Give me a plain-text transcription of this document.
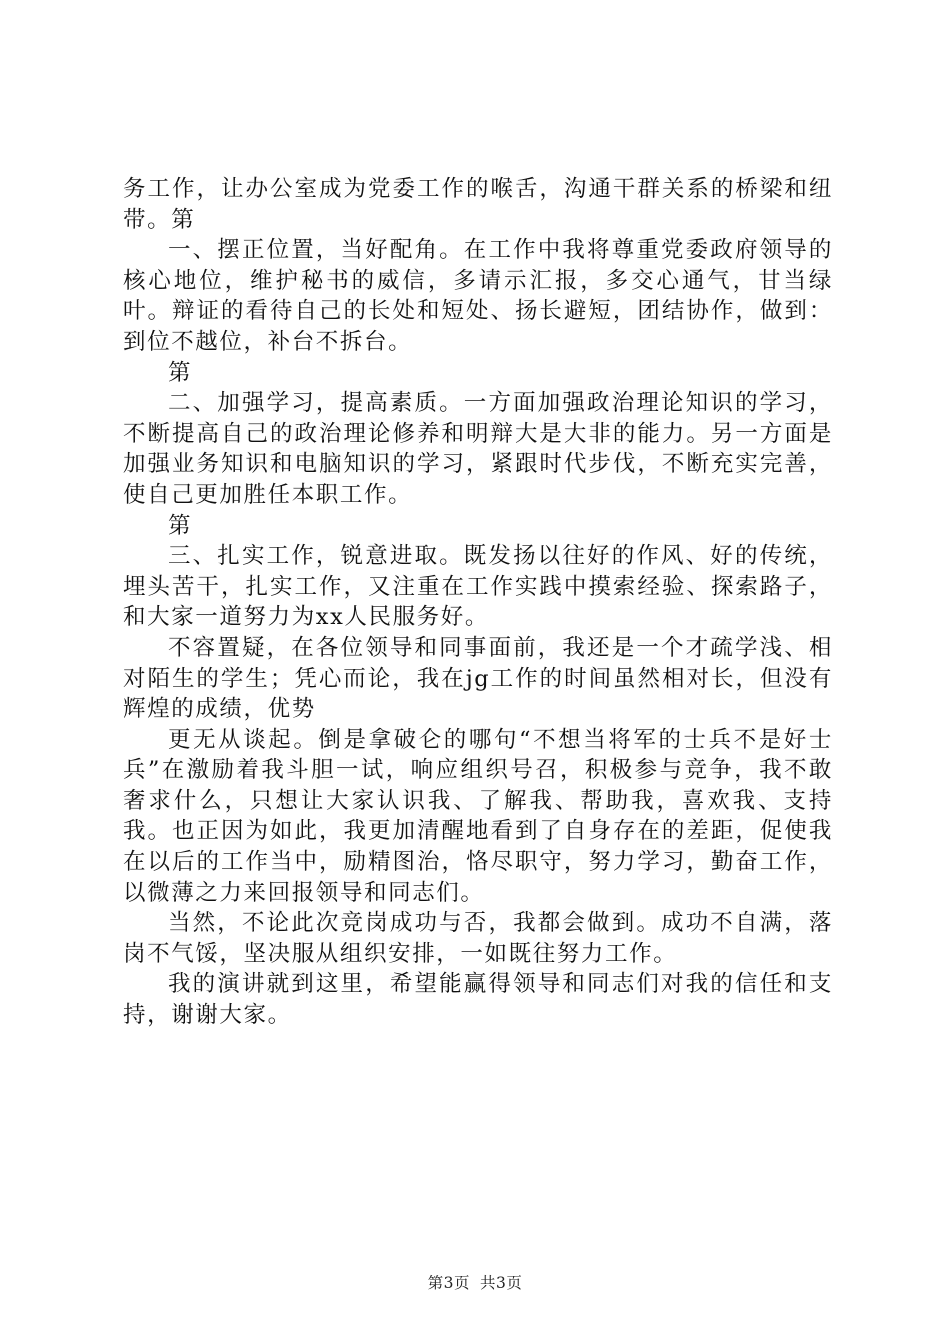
务工作，让办公室成为党委工作的喉舌，沟通干群关系的桥梁和纽带。第

一、摆正位置，当好配角。在工作中我将尊重党委政府领导的核心地位，维护秘书的威信，多请示汇报，多交心通气，甘当绿叶。辩证的看待自己的长处和短处、扬长避短，团结协作，做到：到位不越位，补台不拆台。

第

二、加强学习，提高素质。一方面加强政治理论知识的学习，不断提高自己的政治理论修养和明辩大是大非的能力。另一方面是加强业务知识和电脑知识的学习，紧跟时代步伐，不断充实完善，使自己更加胜任本职工作。

第

三、扎实工作，锐意进取。既发扬以往好的作风、好的传统，埋头苦干，扎实工作，又注重在工作实践中摸索经验、探索路子，和大家一道努力为xx人民服务好。

不容置疑，在各位领导和同事面前，我还是一个才疏学浅、相对陌生的学生；凭心而论，我在jg工作的时间虽然相对长，但没有辉煌的成绩，优势

更无从谈起。倒是拿破仑的哪句“不想当将军的士兵不是好士兵”在激励着我斗胆一试，响应组织号召，积极参与竞争，我不敢奢求什么，只想让大家认识我、了解我、帮助我，喜欢我、支持我。也正因为如此，我更加清醒地看到了自身存在的差距，促使我在以后的工作当中，励精图治，恪尽职守，努力学习，勤奋工作，以微薄之力来回报领导和同志们。

当然，不论此次竞岗成功与否，我都会做到。成功不自满，落岗不气馁，坚决服从组织安排，一如既往努力工作。

我的演讲就到这里，希望能赢得领导和同志们对我的信任和支持，谢谢大家。

第3页 共3页
